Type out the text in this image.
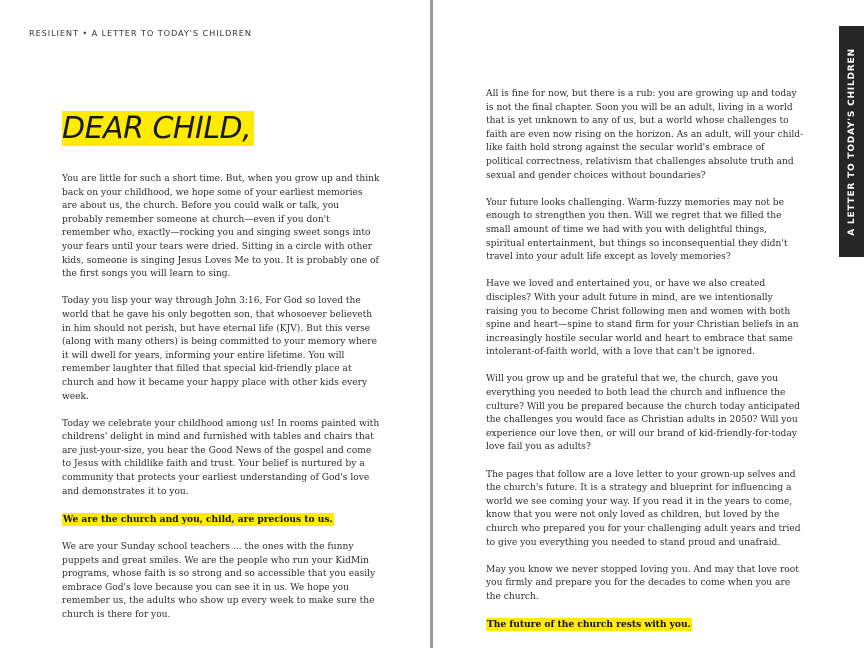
RESILIENT • A LETTER TO TODAY'S CHILDREN
DEAR CHILD,

You are little for such a short time. But, when you grow up and think back on your childhood, we hope some of your earliest memories are about us, the church. Before you could walk or talk, you probably remember someone at church—even if you don't remember who, exactly—rocking you and singing sweet songs into your fears until your tears were dried. Sitting in a circle with other kids, someone is singing Jesus Loves Me to you. It is probably one of the first songs you will learn to sing.

Today you lisp your way through John 3:16, For God so loved the world that he gave his only begotten son, that whosoever believeth in him should not perish, but have eternal life (KJV). But this verse (along with many others) is being committed to your memory where it will dwell for years, informing your entire lifetime. You will remember laughter that filled that special kid-friendly place at church and how it became your happy place with other kids every week.

Today we celebrate your childhood among us! In rooms painted with childrens' delight in mind and furnished with tables and chairs that are just-your-size, you hear the Good News of the gospel and come to Jesus with childlike faith and trust. Your belief is nurtured by a community that protects your earliest understanding of God's love and demonstrates it to you.

We are the church and you, child, are precious to us.

We are your Sunday school teachers ... the ones with the funny puppets and great smiles. We are the people who run your KidMin programs, whose faith is so strong and so accessible that you easily embrace God's love because you can see it in us. We hope you remember us, the adults who show up every week to make sure the church is there for you.

All is fine for now, but there is a rub: you are growing up and today is not the final chapter. Soon you will be an adult, living in a world that is yet unknown to any of us, but a world whose challenges to faith are even now rising on the horizon. As an adult, will your child-like faith hold strong against the secular world's embrace of political correctness, relativism that challenges absolute truth and sexual and gender choices without boundaries?

Your future looks challenging. Warm-fuzzy memories may not be enough to strengthen you then. Will we regret that we filled the small amount of time we had with you with delightful things, spiritual entertainment, but things so inconsequential they didn't travel into your adult life except as lovely memories?

Have we loved and entertained you, or have we also created disciples? With your adult future in mind, are we intentionally raising you to become Christ following men and women with both spine and heart—spine to stand firm for your Christian beliefs in an increasingly hostile secular world and heart to embrace that same intolerant-of-faith world, with a love that can't be ignored.

Will you grow up and be grateful that we, the church, gave you everything you needed to both lead the church and influence the culture? Will you be prepared because the church today anticipated the challenges you would face as Christian adults in 2050? Will you experience our love then, or will our brand of kid-friendly-for-today love fail you as adults?

The pages that follow are a love letter to your grown-up selves and the church's future. It is a strategy and blueprint for influencing a world we see coming your way. If you read it in the years to come, know that you were not only loved as children, but loved by the church who prepared you for your challenging adult years and tried to give you everything you needed to stand proud and unafraid.

May you know we never stopped loving you. And may that love root you firmly and prepare you for the decades to come when you are the church.

The future of the church rests with you.

A LETTER TO TODAY'S CHILDREN
